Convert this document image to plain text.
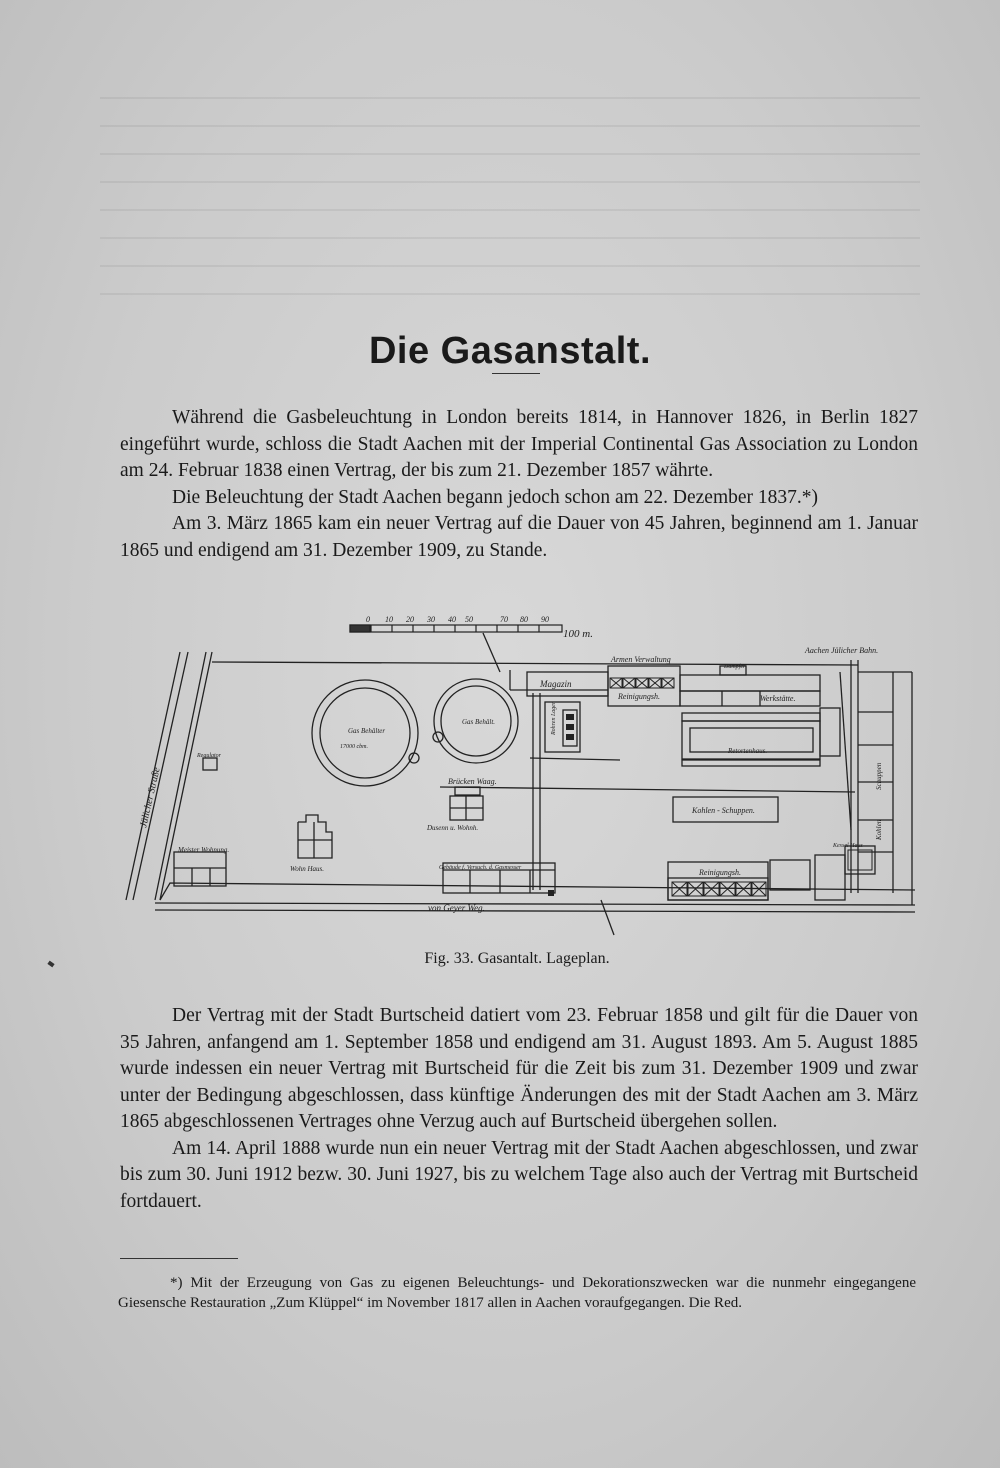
Die Gasanstalt.

Während die Gasbeleuchtung in London bereits 1814, in Hannover 1826, in Berlin 1827 eingeführt wurde, schloss die Stadt Aachen mit der Imperial Continental Gas Association zu London am 24. Februar 1838 einen Vertrag, der bis zum 21. Dezember 1857 währte.

Die Beleuchtung der Stadt Aachen begann jedoch schon am 22. Dezember 1837.*)

Am 3. März 1865 kam ein neuer Vertrag auf die Dauer von 45 Jahren, beginnend am 1. Januar 1865 und endigend am 31. Dezember 1909, zu Stande.

0 10 20 30 40 50	70 80 90
100 m.
Aachen Jülicher Bahn.
Armen Verwaltung
Magazin
Reinigungsh.
Dampfer
Werkstätte.
Gas Behälter
17000 cbm.
Gas Behält.
Retortenhaus.
Kohlen - Schuppen.
Brücken Waag.
Dusenn u. Wohnh.
Wohn Haus.
Meister Wohnung.
Regulator
Gebäude f. Versuch. d. Gasmesser	Reinigungsh.
von Geyer Weg.
Jülicher Straße	Schuppen
Kohlen
Kessel Haus
Rohren Lager
Fig. 33. Gasantalt. Lageplan.

Der Vertrag mit der Stadt Burtscheid datiert vom 23. Februar 1858 und gilt für die Dauer von 35 Jahren, anfangend am 1. September 1858 und endigend am 31. August 1893. Am 5. August 1885 wurde indessen ein neuer Vertrag mit Burtscheid für die Zeit bis zum 31. Dezember 1909 und zwar unter der Bedingung abgeschlossen, dass künftige Änderungen des mit der Stadt Aachen am 3. März 1865 abgeschlossenen Vertrages ohne Verzug auch auf Burtscheid übergehen sollen.

Am 14. April 1888 wurde nun ein neuer Vertrag mit der Stadt Aachen abgeschlossen, und zwar bis zum 30. Juni 1912 bezw. 30. Juni 1927, bis zu welchem Tage also auch der Vertrag mit Burtscheid fortdauert.

*) Mit der Erzeugung von Gas zu eigenen Beleuchtungs- und Dekorationszwecken war die nunmehr eingegangene Giesensche Restauration „Zum Klüppel“ im November 1817 allen in Aachen voraufgegangen. Die Red.
